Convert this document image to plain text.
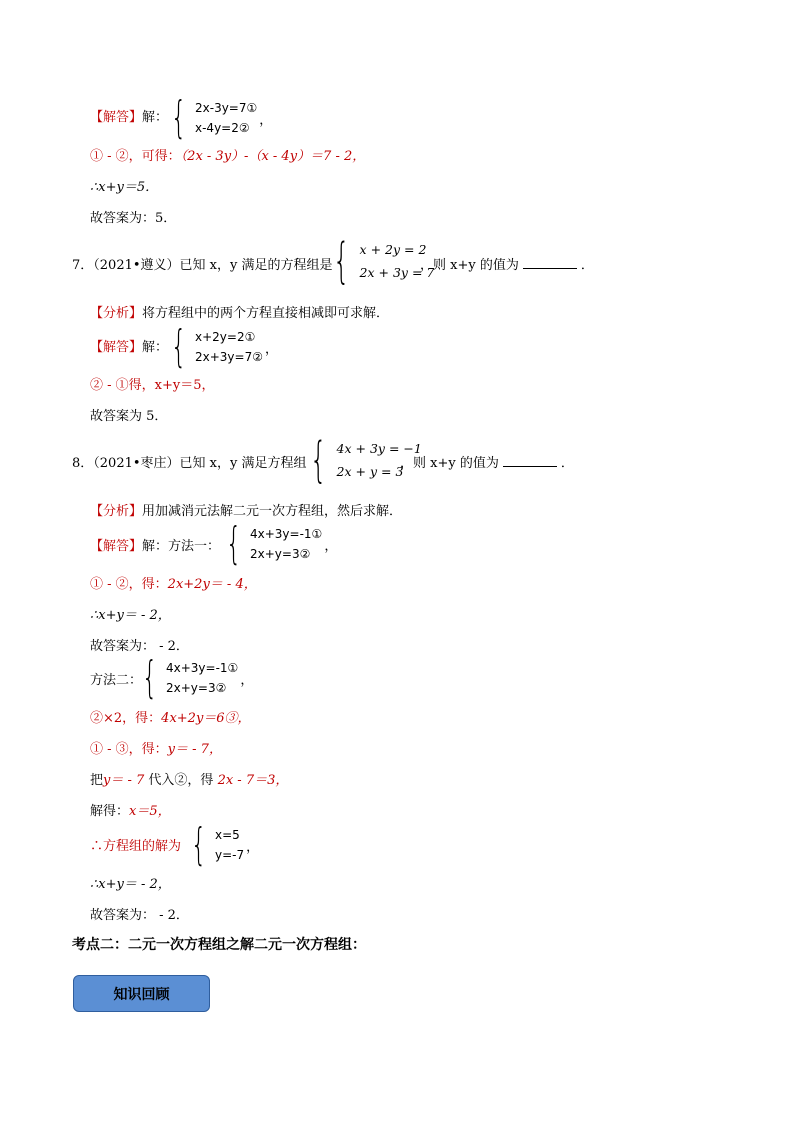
【解答】解： { 2x-3y=7①
x-4y=2②
，
① - ②，可得：（2x - 3y）-（x - 4y）＝7 - 2，
∴x+y＝5．
故答案为：5．
7．（2021•遵义）已知 x，y 满足的方程组是 { x + 2y = 2
2x + 3y = 7
，则 x+y 的值为	．
【分析】将方程组中的两个方程直接相减即可求解．
【解答】解： { x+2y=2①
2x+3y=7②
，
② - ①得，x+y＝5，
故答案为 5．
8．（2021•枣庄）已知 x，y 满足方程组 { 4x + 3y = −1
2x + y = 3
，则 x+y 的值为	．
【分析】用加减消元法解二元一次方程组，然后求解．
【解答】解：方法一： { 4x+3y=-1①
2x+y=3②
，
① - ②，得：2x+2y＝ - 4，
∴x+y＝ - 2，
故答案为： - 2．
方法二： { 4x+3y=-1①
2x+y=3②
，
②×2，得：4x+2y＝6③，
① - ③，得：y＝ - 7，
把y＝ - 7 代入②，得 2x - 7＝3，
解得：x＝5，
∴方程组的解为 { x=5
y=-7
，
∴x+y＝ - 2，
故答案为： - 2．
考点二：二元一次方程组之解二元一次方程组：
知识回顾
